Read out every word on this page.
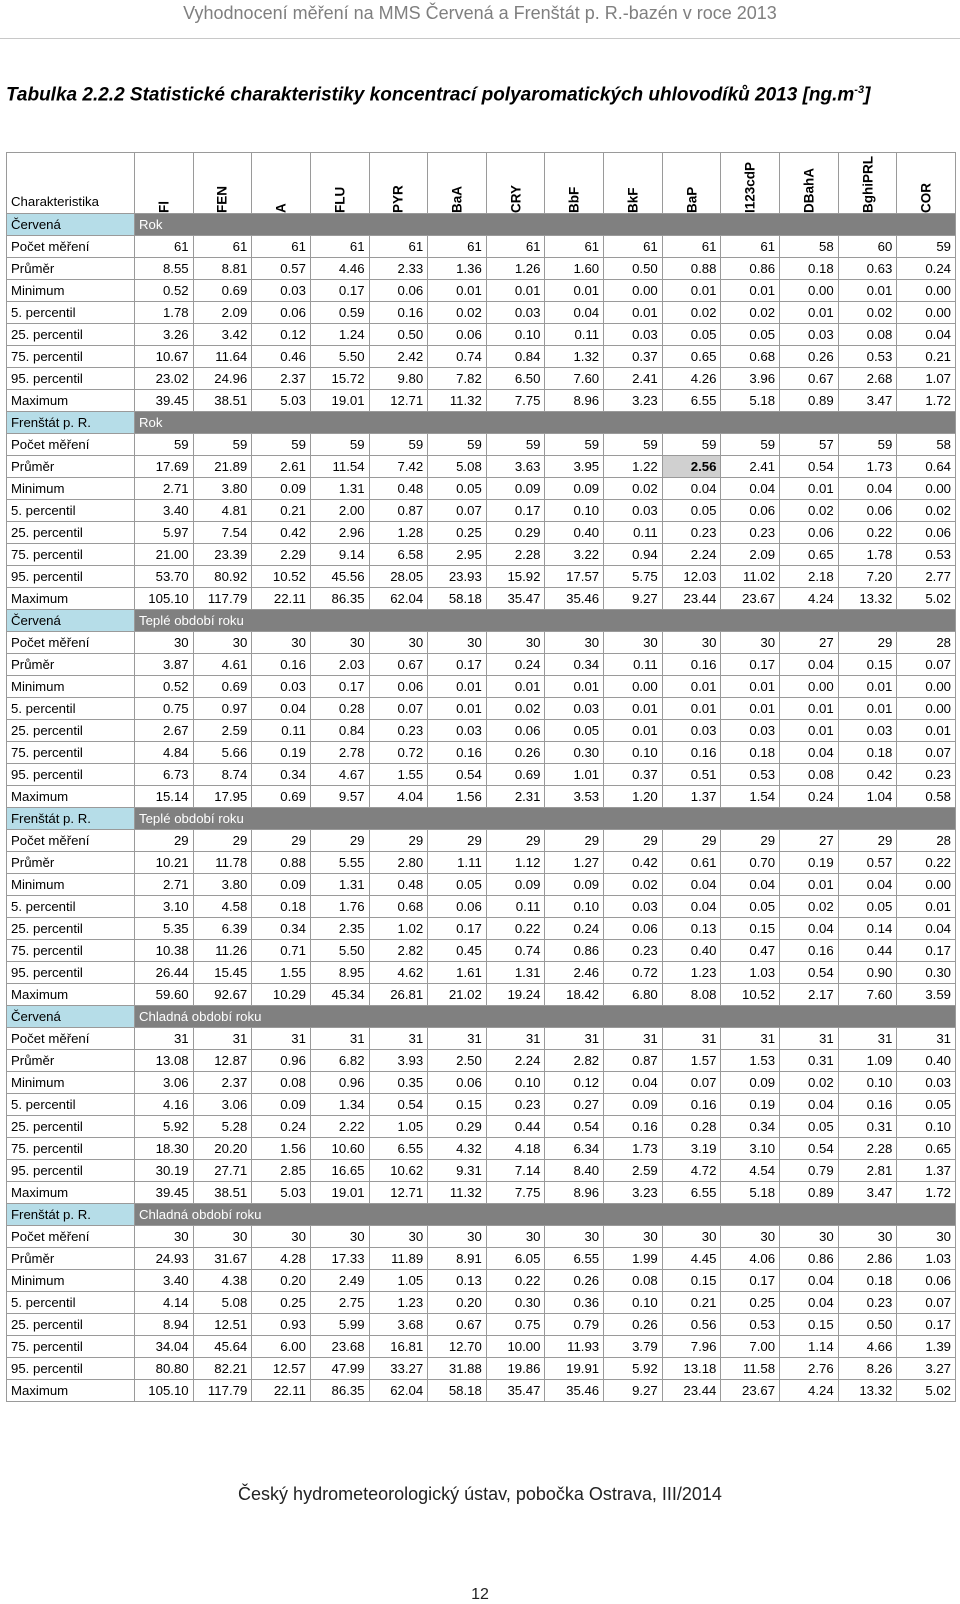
Vyhodnocení měření na MMS Červená a Frenštát p. R.-bazén v roce 2013
Tabulka 2.2.2 Statistické charakteristiky koncentrací polyaromatických uhlovodíků 2013 $[ng.m^{-3}]$
Charakteristika	Fl	FEN	A	FLU	PYR	BaA	CRY	BbF	BkF	BaP	I123cdP	DBahA	BghiPRL	COR

Červená	Rok													
Počet měření	61	61	61	61	61	61	61	61	61	61	61	58	60	59
Průměr	8.55	8.81	0.57	4.46	2.33	1.36	1.26	1.60	0.50	0.88	0.86	0.18	0.63	0.24
Minimum	0.52	0.69	0.03	0.17	0.06	0.01	0.01	0.01	0.00	0.01	0.01	0.00	0.01	0.00
5. percentil	1.78	2.09	0.06	0.59	0.16	0.02	0.03	0.04	0.01	0.02	0.02	0.01	0.02	0.00
25. percentil	3.26	3.42	0.12	1.24	0.50	0.06	0.10	0.11	0.03	0.05	0.05	0.03	0.08	0.04
75. percentil	10.67	11.64	0.46	5.50	2.42	0.74	0.84	1.32	0.37	0.65	0.68	0.26	0.53	0.21
95. percentil	23.02	24.96	2.37	15.72	9.80	7.82	6.50	7.60	2.41	4.26	3.96	0.67	2.68	1.07
Maximum	39.45	38.51	5.03	19.01	12.71	11.32	7.75	8.96	3.23	6.55	5.18	0.89	3.47	1.72
Frenštát p. R.	Rok													
Počet měření	59	59	59	59	59	59	59	59	59	59	59	57	59	58
Průměr	17.69	21.89	2.61	11.54	7.42	5.08	3.63	3.95	1.22	2.56	2.41	0.54	1.73	0.64
Minimum	2.71	3.80	0.09	1.31	0.48	0.05	0.09	0.09	0.02	0.04	0.04	0.01	0.04	0.00
5. percentil	3.40	4.81	0.21	2.00	0.87	0.07	0.17	0.10	0.03	0.05	0.06	0.02	0.06	0.02
25. percentil	5.97	7.54	0.42	2.96	1.28	0.25	0.29	0.40	0.11	0.23	0.23	0.06	0.22	0.06
75. percentil	21.00	23.39	2.29	9.14	6.58	2.95	2.28	3.22	0.94	2.24	2.09	0.65	1.78	0.53
95. percentil	53.70	80.92	10.52	45.56	28.05	23.93	15.92	17.57	5.75	12.03	11.02	2.18	7.20	2.77
Maximum	105.10	117.79	22.11	86.35	62.04	58.18	35.47	35.46	9.27	23.44	23.67	4.24	13.32	5.02
Červená	Teplé období roku													
Počet měření	30	30	30	30	30	30	30	30	30	30	30	27	29	28
Průměr	3.87	4.61	0.16	2.03	0.67	0.17	0.24	0.34	0.11	0.16	0.17	0.04	0.15	0.07
Minimum	0.52	0.69	0.03	0.17	0.06	0.01	0.01	0.01	0.00	0.01	0.01	0.00	0.01	0.00
5. percentil	0.75	0.97	0.04	0.28	0.07	0.01	0.02	0.03	0.01	0.01	0.01	0.01	0.01	0.00
25. percentil	2.67	2.59	0.11	0.84	0.23	0.03	0.06	0.05	0.01	0.03	0.03	0.01	0.03	0.01
75. percentil	4.84	5.66	0.19	2.78	0.72	0.16	0.26	0.30	0.10	0.16	0.18	0.04	0.18	0.07
95. percentil	6.73	8.74	0.34	4.67	1.55	0.54	0.69	1.01	0.37	0.51	0.53	0.08	0.42	0.23
Maximum	15.14	17.95	0.69	9.57	4.04	1.56	2.31	3.53	1.20	1.37	1.54	0.24	1.04	0.58
Frenštát p. R.	Teplé období roku													
Počet měření	29	29	29	29	29	29	29	29	29	29	29	27	29	28
Průměr	10.21	11.78	0.88	5.55	2.80	1.11	1.12	1.27	0.42	0.61	0.70	0.19	0.57	0.22
Minimum	2.71	3.80	0.09	1.31	0.48	0.05	0.09	0.09	0.02	0.04	0.04	0.01	0.04	0.00
5. percentil	3.10	4.58	0.18	1.76	0.68	0.06	0.11	0.10	0.03	0.04	0.05	0.02	0.05	0.01
25. percentil	5.35	6.39	0.34	2.35	1.02	0.17	0.22	0.24	0.06	0.13	0.15	0.04	0.14	0.04
75. percentil	10.38	11.26	0.71	5.50	2.82	0.45	0.74	0.86	0.23	0.40	0.47	0.16	0.44	0.17
95. percentil	26.44	15.45	1.55	8.95	4.62	1.61	1.31	2.46	0.72	1.23	1.03	0.54	0.90	0.30
Maximum	59.60	92.67	10.29	45.34	26.81	21.02	19.24	18.42	6.80	8.08	10.52	2.17	7.60	3.59
Červená	Chladná období roku													
Počet měření	31	31	31	31	31	31	31	31	31	31	31	31	31	31
Průměr	13.08	12.87	0.96	6.82	3.93	2.50	2.24	2.82	0.87	1.57	1.53	0.31	1.09	0.40
Minimum	3.06	2.37	0.08	0.96	0.35	0.06	0.10	0.12	0.04	0.07	0.09	0.02	0.10	0.03
5. percentil	4.16	3.06	0.09	1.34	0.54	0.15	0.23	0.27	0.09	0.16	0.19	0.04	0.16	0.05
25. percentil	5.92	5.28	0.24	2.22	1.05	0.29	0.44	0.54	0.16	0.28	0.34	0.05	0.31	0.10
75. percentil	18.30	20.20	1.56	10.60	6.55	4.32	4.18	6.34	1.73	3.19	3.10	0.54	2.28	0.65
95. percentil	30.19	27.71	2.85	16.65	10.62	9.31	7.14	8.40	2.59	4.72	4.54	0.79	2.81	1.37
Maximum	39.45	38.51	5.03	19.01	12.71	11.32	7.75	8.96	3.23	6.55	5.18	0.89	3.47	1.72
Frenštát p. R.	Chladná období roku													
Počet měření	30	30	30	30	30	30	30	30	30	30	30	30	30	30
Průměr	24.93	31.67	4.28	17.33	11.89	8.91	6.05	6.55	1.99	4.45	4.06	0.86	2.86	1.03
Minimum	3.40	4.38	0.20	2.49	1.05	0.13	0.22	0.26	0.08	0.15	0.17	0.04	0.18	0.06
5. percentil	4.14	5.08	0.25	2.75	1.23	0.20	0.30	0.36	0.10	0.21	0.25	0.04	0.23	0.07
25. percentil	8.94	12.51	0.93	5.99	3.68	0.67	0.75	0.79	0.26	0.56	0.53	0.15	0.50	0.17
75. percentil	34.04	45.64	6.00	23.68	16.81	12.70	10.00	11.93	3.79	7.96	7.00	1.14	4.66	1.39
95. percentil	80.80	82.21	12.57	47.99	33.27	31.88	19.86	19.91	5.92	13.18	11.58	2.76	8.26	3.27
Maximum	105.10	117.79	22.11	86.35	62.04	58.18	35.47	35.46	9.27	23.44	23.67	4.24	13.32	5.02
Český hydrometeorologický ústav, pobočka Ostrava, III/2014
12
